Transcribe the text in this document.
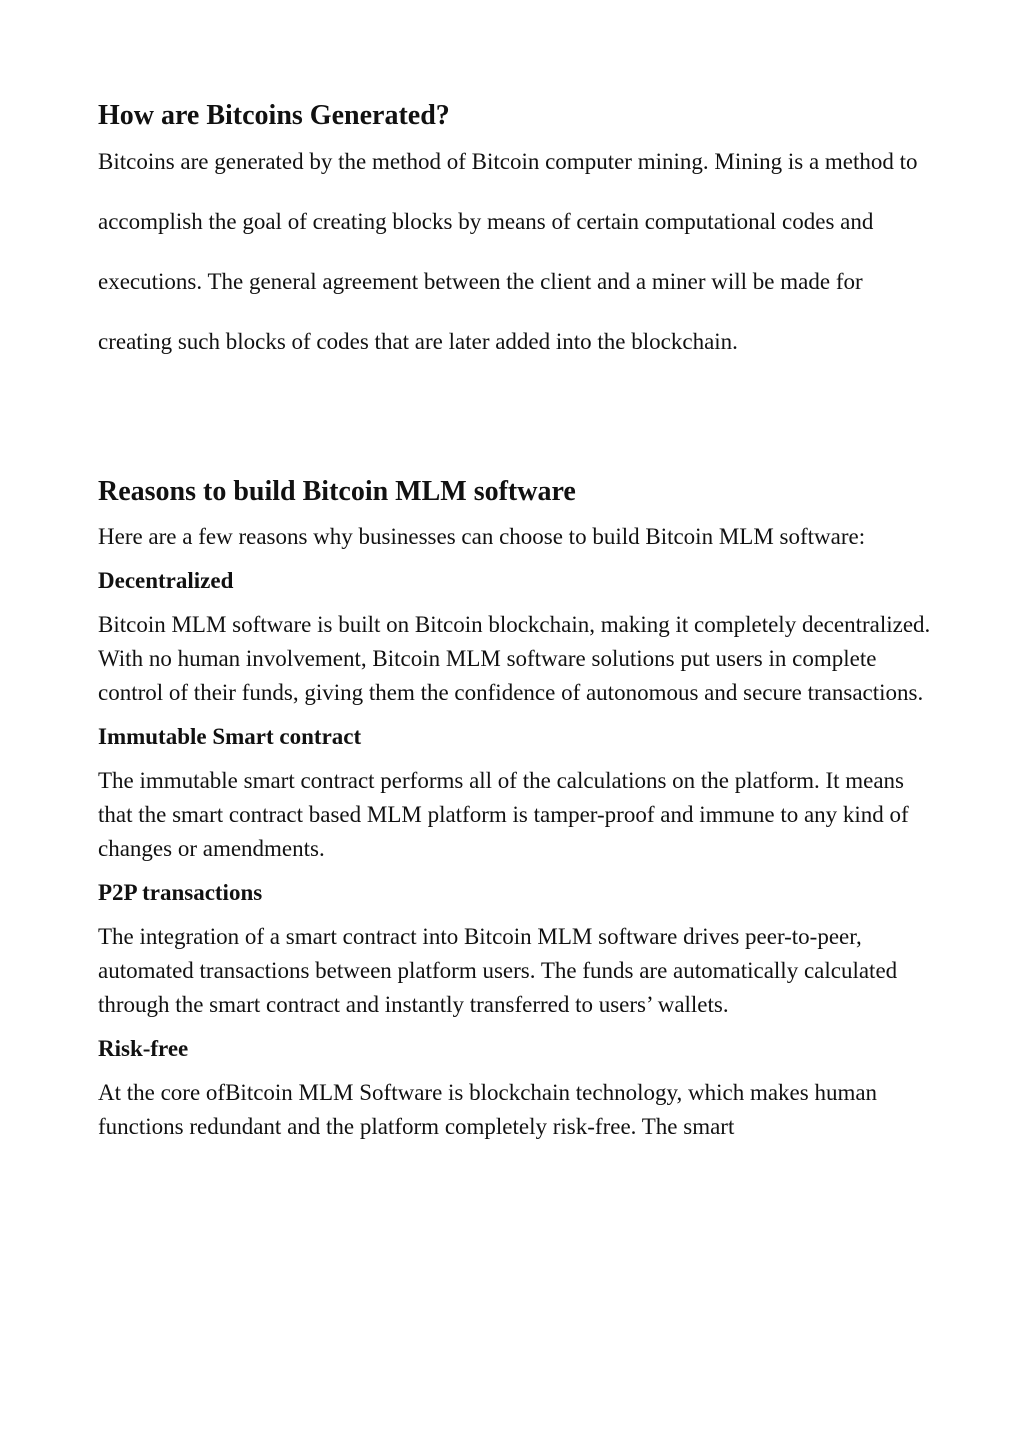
How are Bitcoins Generated?

Bitcoins are generated by the method of Bitcoin computer mining. Mining is a method to accomplish the goal of creating blocks by means of certain computational codes and executions. The general agreement between the client and a miner will be made for creating such blocks of codes that are later added into the blockchain.

Reasons to build Bitcoin MLM software

Here are a few reasons why businesses can choose to build Bitcoin MLM software:

Decentralized

Bitcoin MLM software is built on Bitcoin blockchain, making it completely decentralized. With no human involvement, Bitcoin MLM software solutions put users in complete control of their funds, giving them the confidence of autonomous and secure transactions.

Immutable Smart contract

The immutable smart contract performs all of the calculations on the platform. It means that the smart contract based MLM platform is tamper-proof and immune to any kind of changes or amendments.

P2P transactions

The integration of a smart contract into Bitcoin MLM software drives peer-to-peer, automated transactions between platform users. The funds are automatically calculated through the smart contract and instantly transferred to users’ wallets.

Risk-free

At the core ofBitcoin MLM Software is blockchain technology, which makes human functions redundant and the platform completely risk-free. The smart
